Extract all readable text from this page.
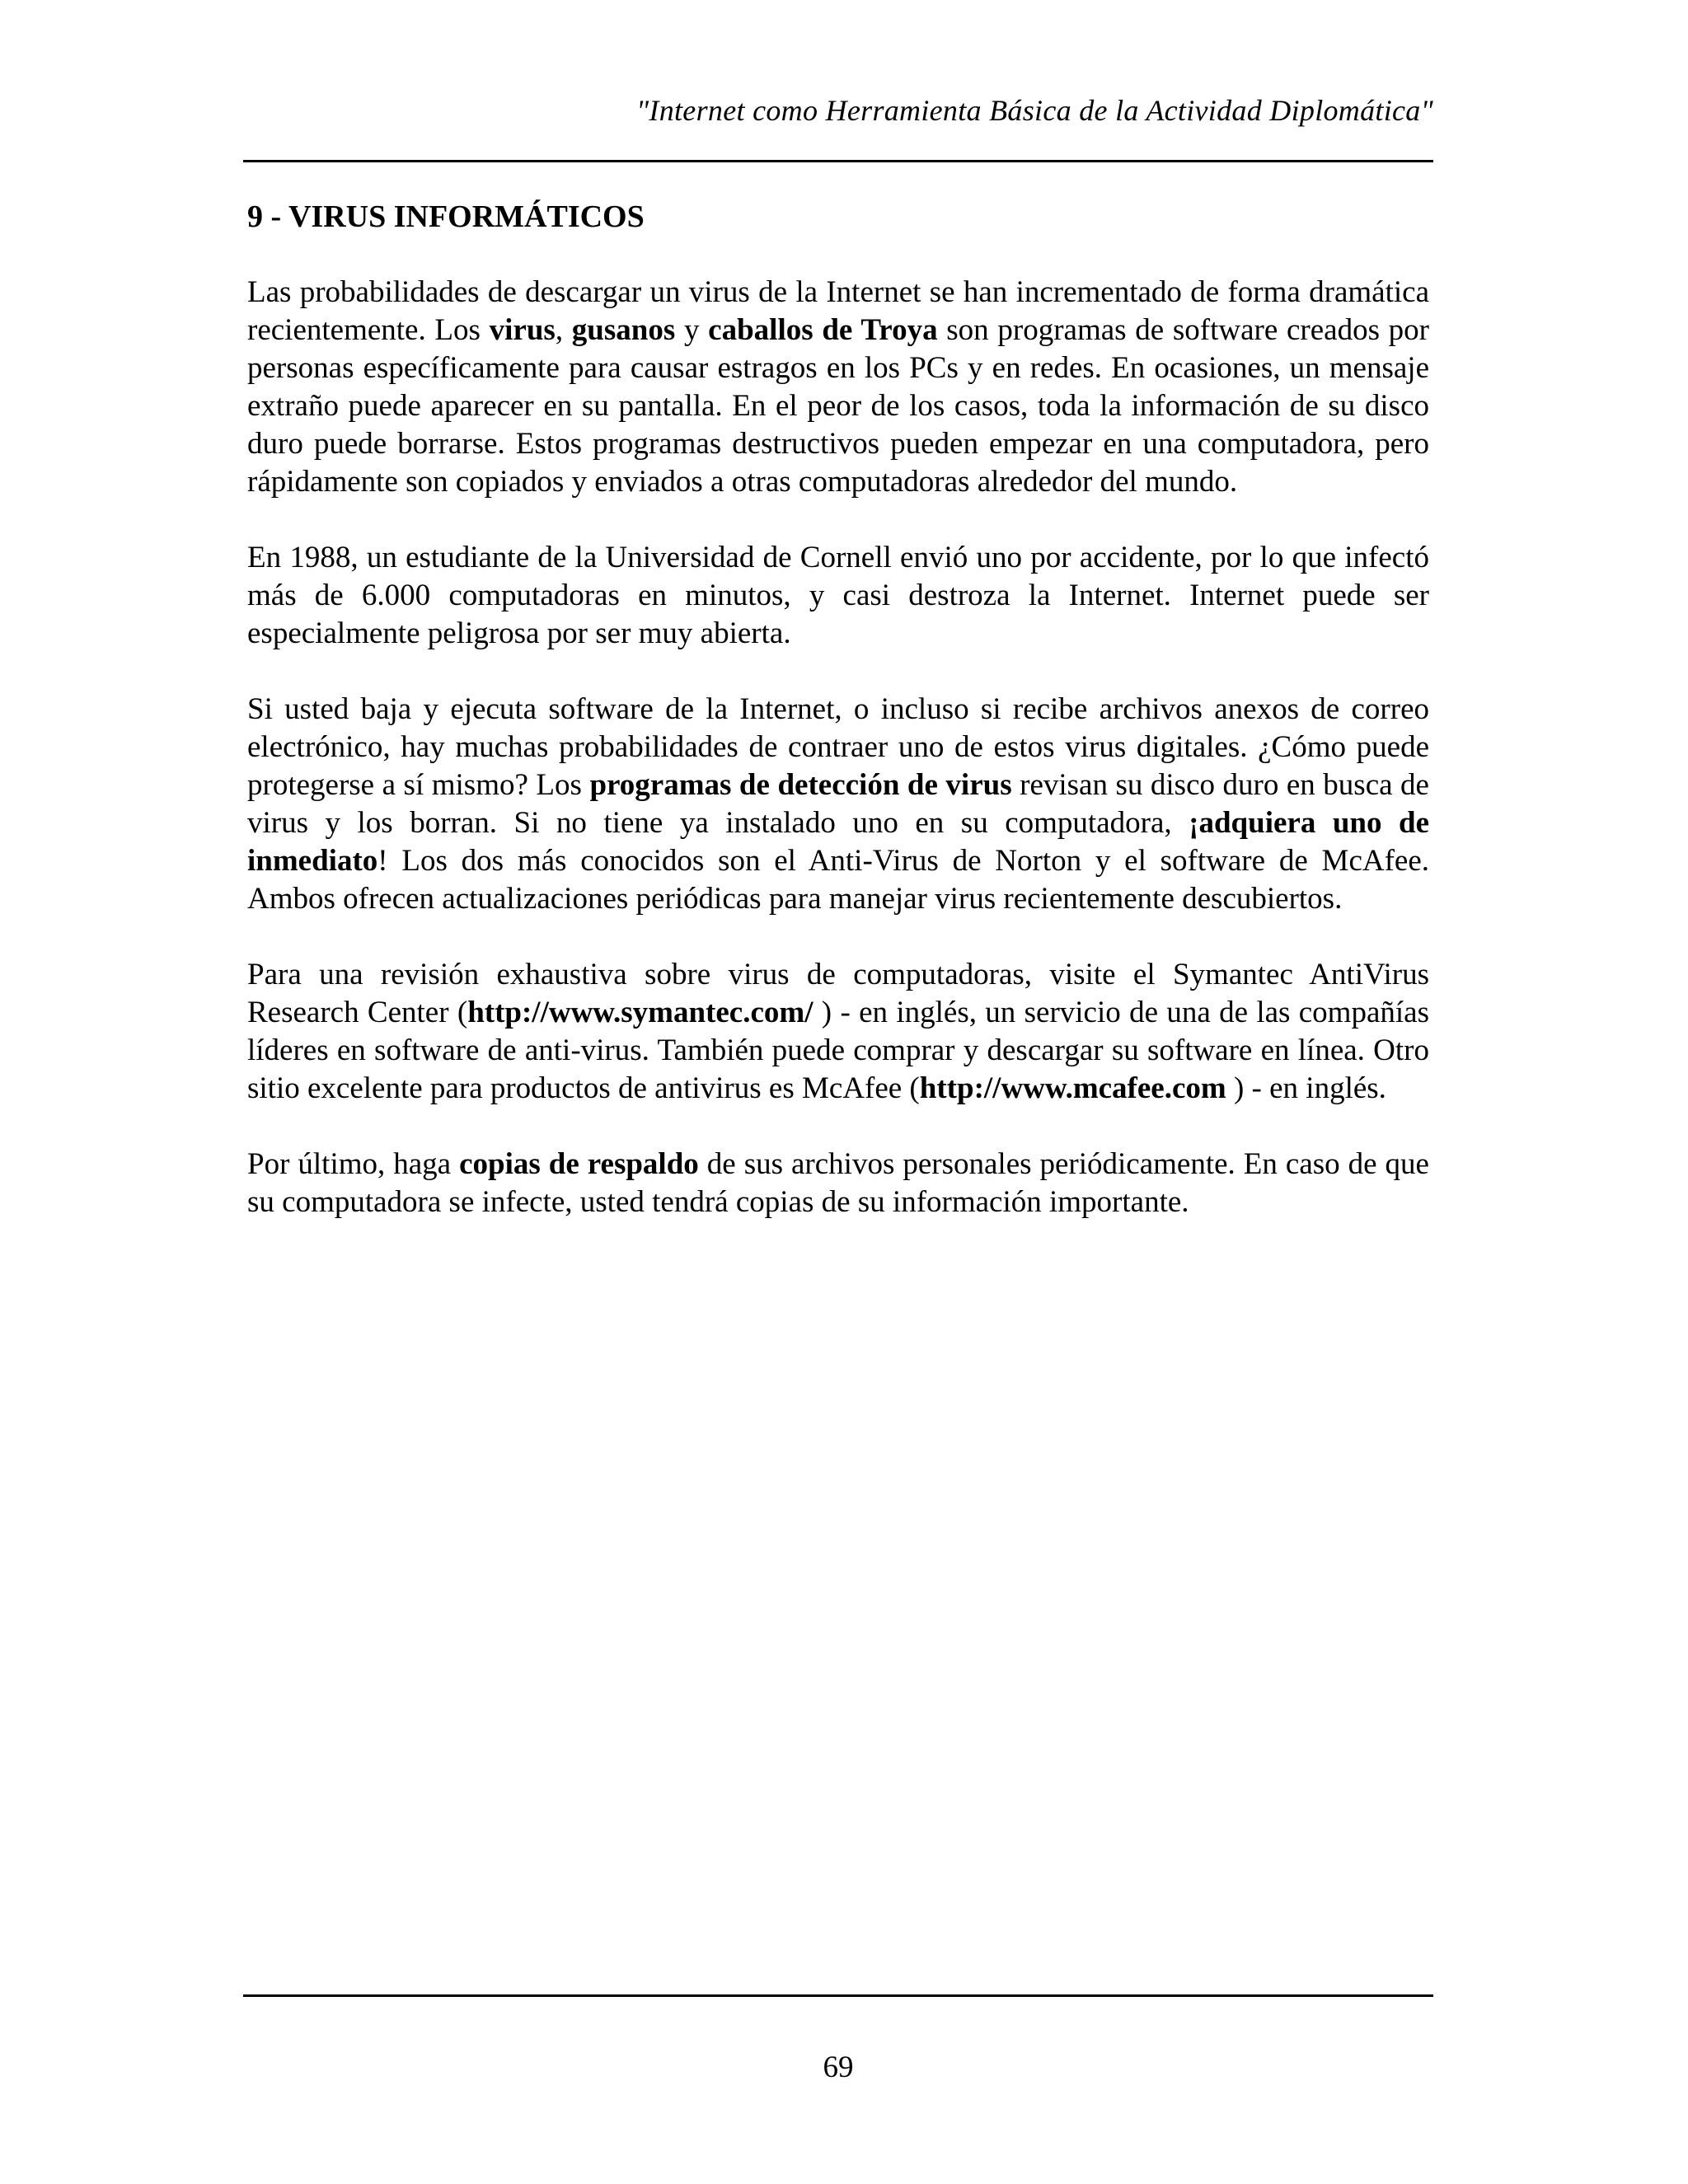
"Internet como Herramienta Básica de la Actividad Diplomática"
9 - VIRUS INFORMÁTICOS

Las probabilidades de descargar un virus de la Internet se han incrementado de forma dramática recientemente. Los virus, gusanos y caballos de Troya son programas de software creados por personas específicamente para causar estragos en los PCs y en redes. En ocasiones, un mensaje extraño puede aparecer en su pantalla. En el peor de los casos, toda la información de su disco duro puede borrarse. Estos programas destructivos pueden empezar en una computadora, pero rápidamente son copiados y enviados a otras computadoras alrededor del mundo.

En 1988, un estudiante de la Universidad de Cornell envió uno por accidente, por lo que infectó más de 6.000 computadoras en minutos, y casi destroza la Internet. Internet puede ser especialmente peligrosa por ser muy abierta.

Si usted baja y ejecuta software de la Internet, o incluso si recibe archivos anexos de correo electrónico, hay muchas probabilidades de contraer uno de estos virus digitales. ¿Cómo puede protegerse a sí mismo? Los programas de detección de virus revisan su disco duro en busca de virus y los borran. Si no tiene ya instalado uno en su computadora, ¡adquiera uno de inmediato! Los dos más conocidos son el Anti-Virus de Norton y el software de McAfee. Ambos ofrecen actualizaciones periódicas para manejar virus recientemente descubiertos.

Para una revisión exhaustiva sobre virus de computadoras, visite el Symantec AntiVirus Research Center (http://www.symantec.com/ ) - en inglés, un servicio de una de las compañías líderes en software de anti-virus. También puede comprar y descargar su software en línea. Otro sitio excelente para productos de antivirus es McAfee (http://www.mcafee.com ) - en inglés.

Por último, haga copias de respaldo de sus archivos personales periódicamente. En caso de que su computadora se infecte, usted tendrá copias de su información importante.

69
